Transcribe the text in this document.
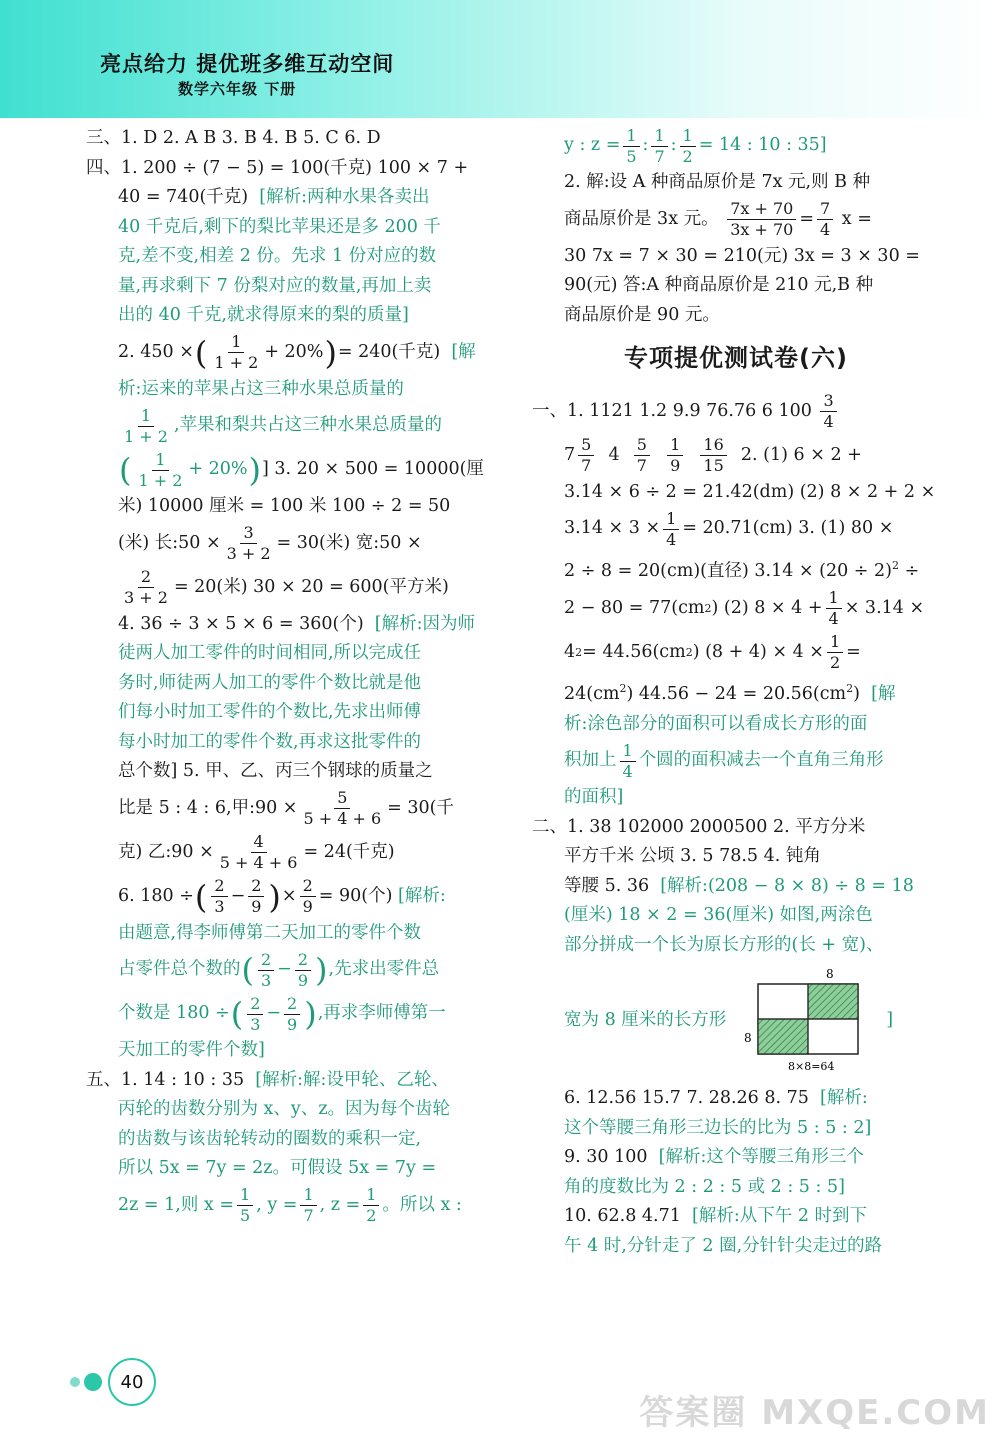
亮点给力 提优班多维互动空间
数学六年级 下册

三、1. D 2. A B 3. B 4. B 5. C 6. D

四、1. 200 ÷ (7 − 5) = 100(千克) 100 × 7 +

40 = 740(千克) [解析:两种水果各卖出

40 千克后,剩下的梨比苹果还是多 200 千

克,差不变,相差 2 份。先求 1 份对应的数

量,再求剩下 7 份梨对应的数量,再加上卖

出的 40 千克,就求得原来的梨的质量]

2. 450 × ( $\frac{1}{1 + 2} + 20\%$ ) = 240(千克)
[解

析:运来的苹果占这三种水果总质量的

$\frac{1}{1 + 2}$ ,苹果和梨共占这三种水果总质量的
( $\frac{1}{1 + 2} + 20\%$ ) ] 3. 20 × 500 = 10000(厘

米) 10000 厘米 = 100 米 100 ÷ 2 = 50

(米) 长:50 × $\frac{3}{3 + 2} = 30$(米) 宽:50 ×
$\frac{2}{3 + 2} = 20$(米) 30 × 20 = 600(平方米)

4. 36 ÷ 3 × 5 × 6 = 360(个) [解析:因为师

徒两人加工零件的时间相同,所以完成任

务时,师徒两人加工的零件个数比就是他

们每小时加工零件的个数比,先求出师傅

每小时加工的零件个数,再求这批零件的

总个数] 5. 甲、乙、丙三个钢球的质量之

比是 5 : 4 : 6,甲:90 × $\frac{5}{5 + 4 + 6} = 30$(千
克) 乙:90 × $\frac{4}{5 + 4 + 6} = 24$(千克)
6. 180 ÷ ( $\frac{2}{3} - \frac{2}{9}$ ) × $\frac{2}{9} = 90$(个)
[解析:

由题意,得李师傅第二天加工的零件个数

占零件总个数的 ( $\frac{2}{3} - \frac{2}{9}$ ) ,先求出零件总
个数是 180 ÷ ( $\frac{2}{3} - \frac{2}{9}$ ) ,再求李师傅第一

天加工的零件个数]

五、1. 14 : 10 : 35 [解析:解:设甲轮、乙轮、

丙轮的齿数分别为 x、y、z。因为每个齿轮

的齿数与该齿轮转动的圈数的乘积一定,

所以 5x = 7y = 2z。可假设 5x = 7y =

2z = 1,则 $x = \frac{1}{5}$ , $y = \frac{1}{7}$ , $z = \frac{1}{2}$ 。所以 x :
y : $z = \frac{1}{5}$ : $\frac{1}{7}$ : $\frac{1}{2} = 14$ : 10 : 35]

2. 解:设 A 种商品原价是 7x 元,则 B 种

商品原价是 3x 元。
$\frac{7x + 70}{3x + 70} = \frac{7}{4}$
x =

30 7x = 7 × 30 = 210(元) 3x = 3 × 30 =

90(元) 答:A 种商品原价是 210 元,B 种

商品原价是 90 元。

专项提优测试卷(六)
一、1. 1121 1.2 9.9 76.76 6 100
$\frac{3}{4}$
$7 \frac{5}{7}$
4
$\frac{5}{7}$
$\frac{1}{9}$
$\frac{16}{15}$
2. (1) 6 × 2 +

3.14 × 6 ÷ 2 = 21.42(dm) (2) 8 × 2 + 2 ×

$3.14 \times 3 \times \frac{1}{4} = 20.71(cm)$ 3. (1) 80 ×

2 ÷ 8 = 20(cm)(直径) $3.14 \times (20 \div 2)^2$ ÷

2 − 80 = 77(cm 2 ) (2) $8 \times 4 + \frac{1}{4} \times 3.14$ ×
4 2 = 44.56(cm 2 ) $(8 + 4) \times 4 \times \frac{1}{2}$ =

$24(cm^2) 44.56 - 24 = 20.56(cm^2)$ [解

析:涂色部分的面积可以看成长方形的面

积加上 $\frac{1}{4}$ 个圆的面积减去一个直角三角形

的面积]

二、1. 38 102000 2000500 2. 平方分米

平方千米 公顷 3. 5 78.5 4. 钝角

等腰 5. 36 [解析:(208 − 8 × 8) ÷ 8 = 18

(厘米) 18 × 2 = 36(厘米) 如图,两涂色

部分拼成一个长为原长方形的(长 + 宽)、

宽为 8 厘米的长方形
8
8
8×8=64
]

6. 12.56 15.7 7. 28.26 8. 75 [解析:

这个等腰三角形三边长的比为 5 : 5 : 2]

9. 30 100 [解析:这个等腰三角形三个

角的度数比为 2 : 2 : 5 或 2 : 5 : 5]

10. 62.8 4.71 [解析:从下午 2 时到下

午 4 时,分针走了 2 圈,分针针尖走过的路

40
答案圈 MXQE.COM
